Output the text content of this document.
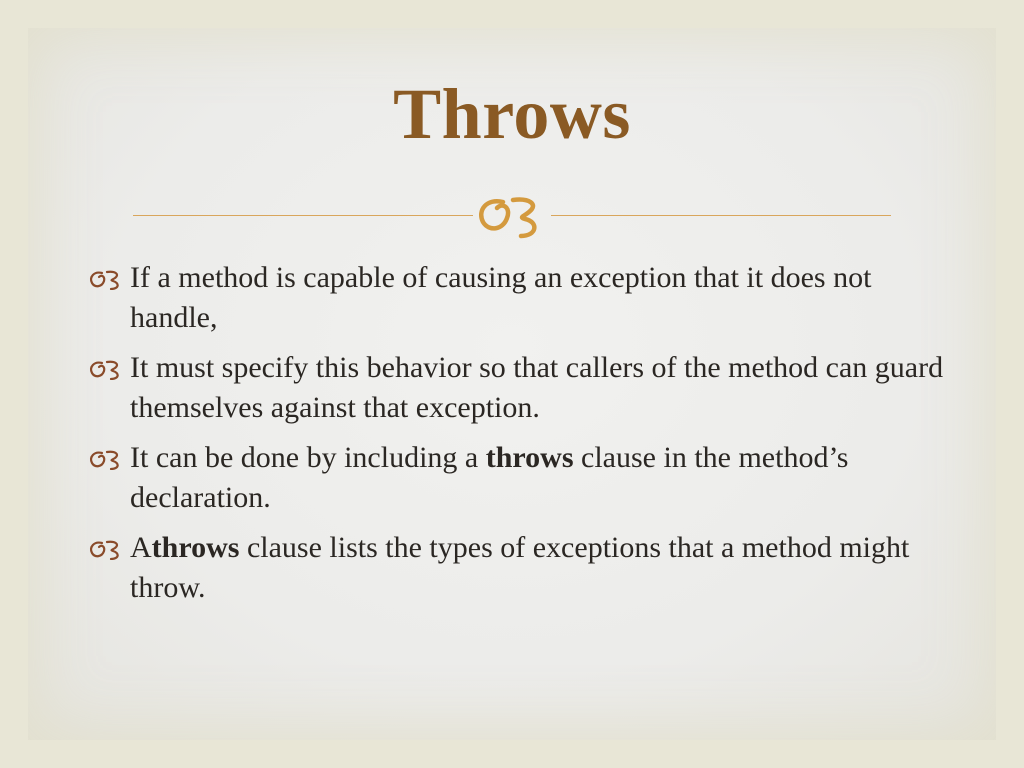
Throws
If a method is capable of causing an exception that it does not handle,
It must specify this behavior so that callers of the method can guard themselves against that exception.
It can be done by including a throws clause in the method’s declaration.
Athrows clause lists the types of exceptions that a method might throw.
